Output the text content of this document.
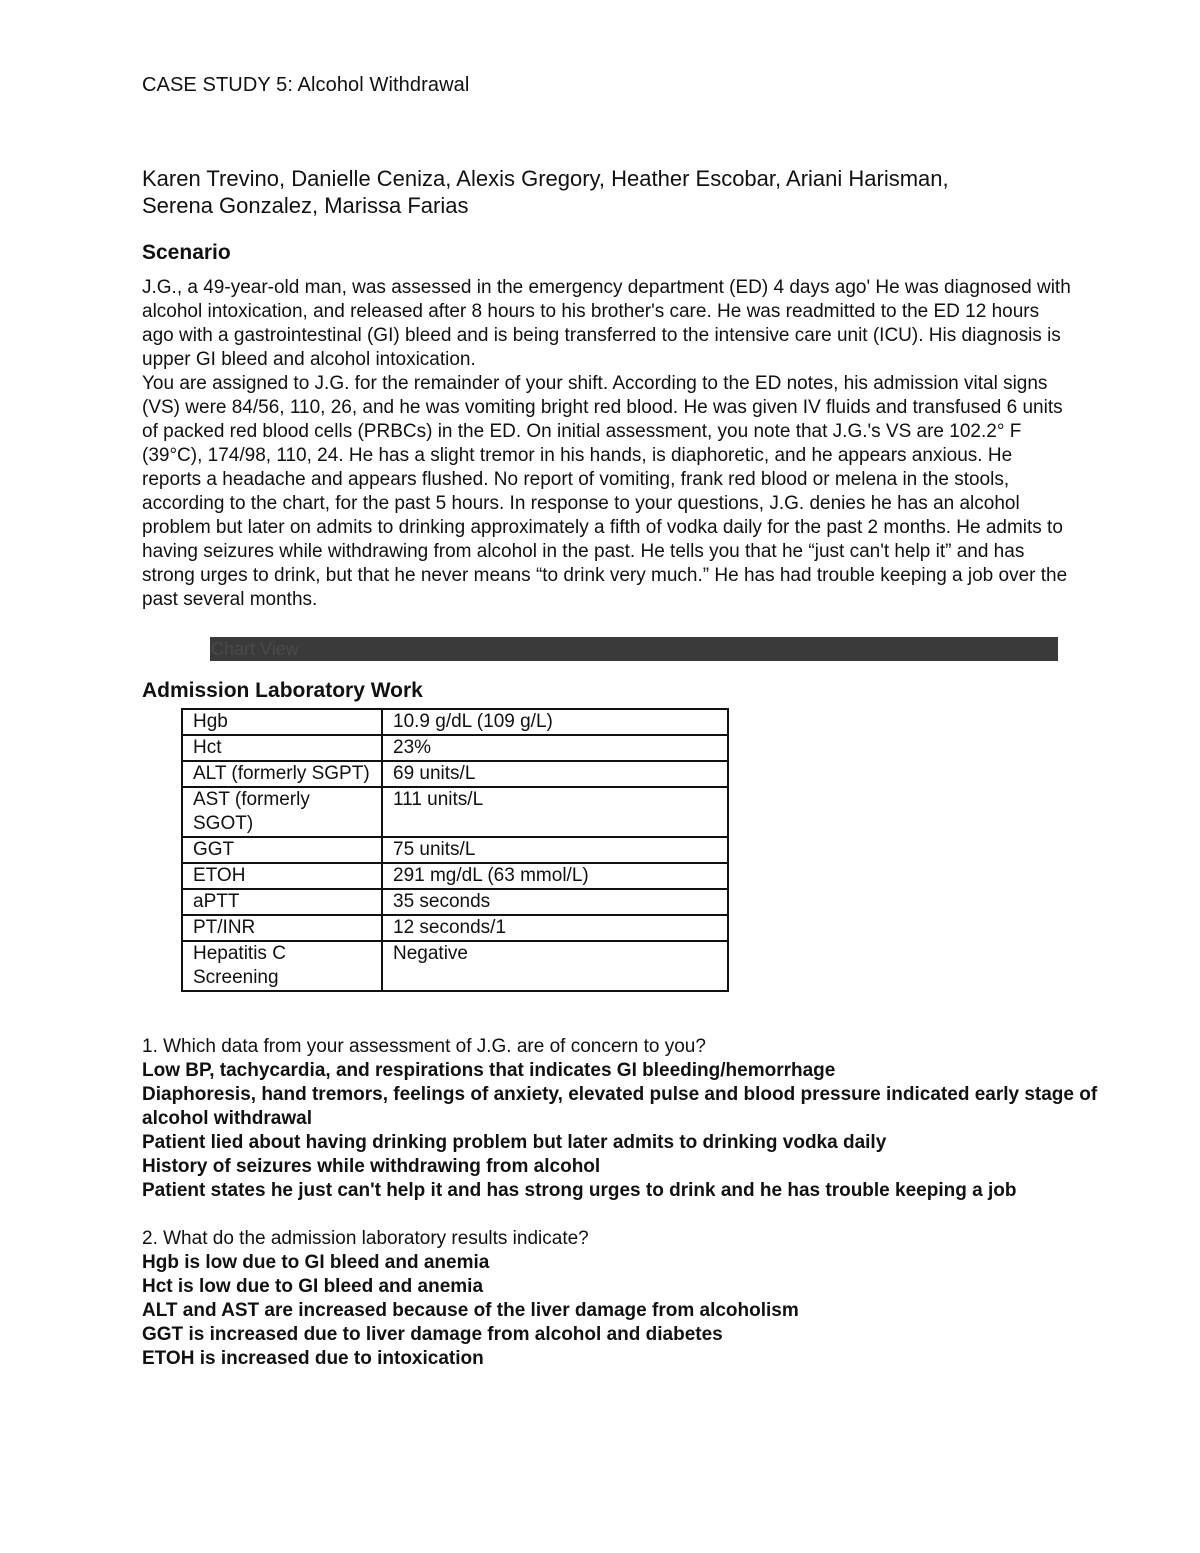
CASE STUDY 5: Alcohol Withdrawal
Karen Trevino, Danielle Ceniza, Alexis Gregory, Heather Escobar, Ariani Harisman,
Serena Gonzalez, Marissa Farias
Scenario

J.G., a 49-year-old man, was assessed in the emergency department (ED) 4 days ago' He was diagnosed with alcohol intoxication, and released after 8 hours to his brother's care. He was readmitted to the ED 12 hours ago with a gastrointestinal (GI) bleed and is being transferred to the intensive care unit (ICU). His diagnosis is upper GI bleed and alcohol intoxication.

You are assigned to J.G. for the remainder of your shift. According to the ED notes, his admission vital signs (VS) were 84/56, 110, 26, and he was vomiting bright red blood. He was given IV fluids and transfused 6 units of packed red blood cells (PRBCs) in the ED. On initial assessment, you note that J.G.'s VS are 102.2° F (39°C), 174/98, 110, 24. He has a slight tremor in his hands, is diaphoretic, and he appears anxious. He reports a headache and appears flushed. No report of vomiting, frank red blood or melena in the stools, according to the chart, for the past 5 hours. In response to your questions, J.G. denies he has an alcohol problem but later on admits to drinking approximately a fifth of vodka daily for the past 2 months. He admits to having seizures while withdrawing from alcohol in the past. He tells you that he “just can't help it” and has strong urges to drink, but that he never means “to drink very much.” He has had trouble keeping a job over the past several months.

Chart View
Admission Laboratory Work
Hgb	10.9 g/dL (109 g/L)
Hct	23%
ALT (formerly SGPT)	69 units/L
AST (formerly SGOT)	111 units/L
GGT	75 units/L
ETOH	291 mg/dL (63 mmol/L)
aPTT	35 seconds
PT/INR	12 seconds/1
Hepatitis C Screening	Negative

1. Which data from your assessment of J.G. are of concern to you?

Low BP, tachycardia, and respirations that indicates GI bleeding/hemorrhage

Diaphoresis, hand tremors, feelings of anxiety, elevated pulse and blood pressure indicated early stage of alcohol withdrawal

Patient lied about having drinking problem but later admits to drinking vodka daily

History of seizures while withdrawing from alcohol

Patient states he just can't help it and has strong urges to drink and he has trouble keeping a job

2. What do the admission laboratory results indicate?

Hgb is low due to GI bleed and anemia

Hct is low due to GI bleed and anemia

ALT and AST are increased because of the liver damage from alcoholism

GGT is increased due to liver damage from alcohol and diabetes

ETOH is increased due to intoxication
